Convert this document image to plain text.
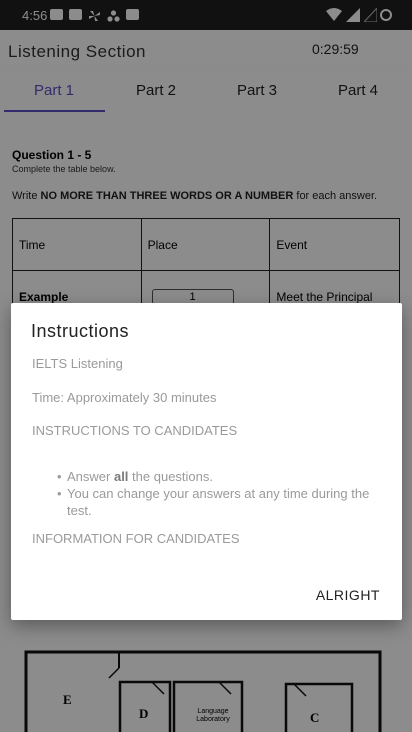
4:56
Listening Section	0:29:59
Part 1	Part 2	Part 3	Part 4
Question 1 - 5
Complete the table below.
Write NO MORE THAN THREE WORDS OR A NUMBER for each answer.
Time	Place	Event
Example	1	Meet the Principal
E
D	Language Laboratory	C
Instructions
IELTS Listening
Time: Approximately 30 minutes
INSTRUCTIONS TO CANDIDATES
• Answer all the questions.
• You can change your answers at any time during the test.
INFORMATION FOR CANDIDATES
ALRIGHT
